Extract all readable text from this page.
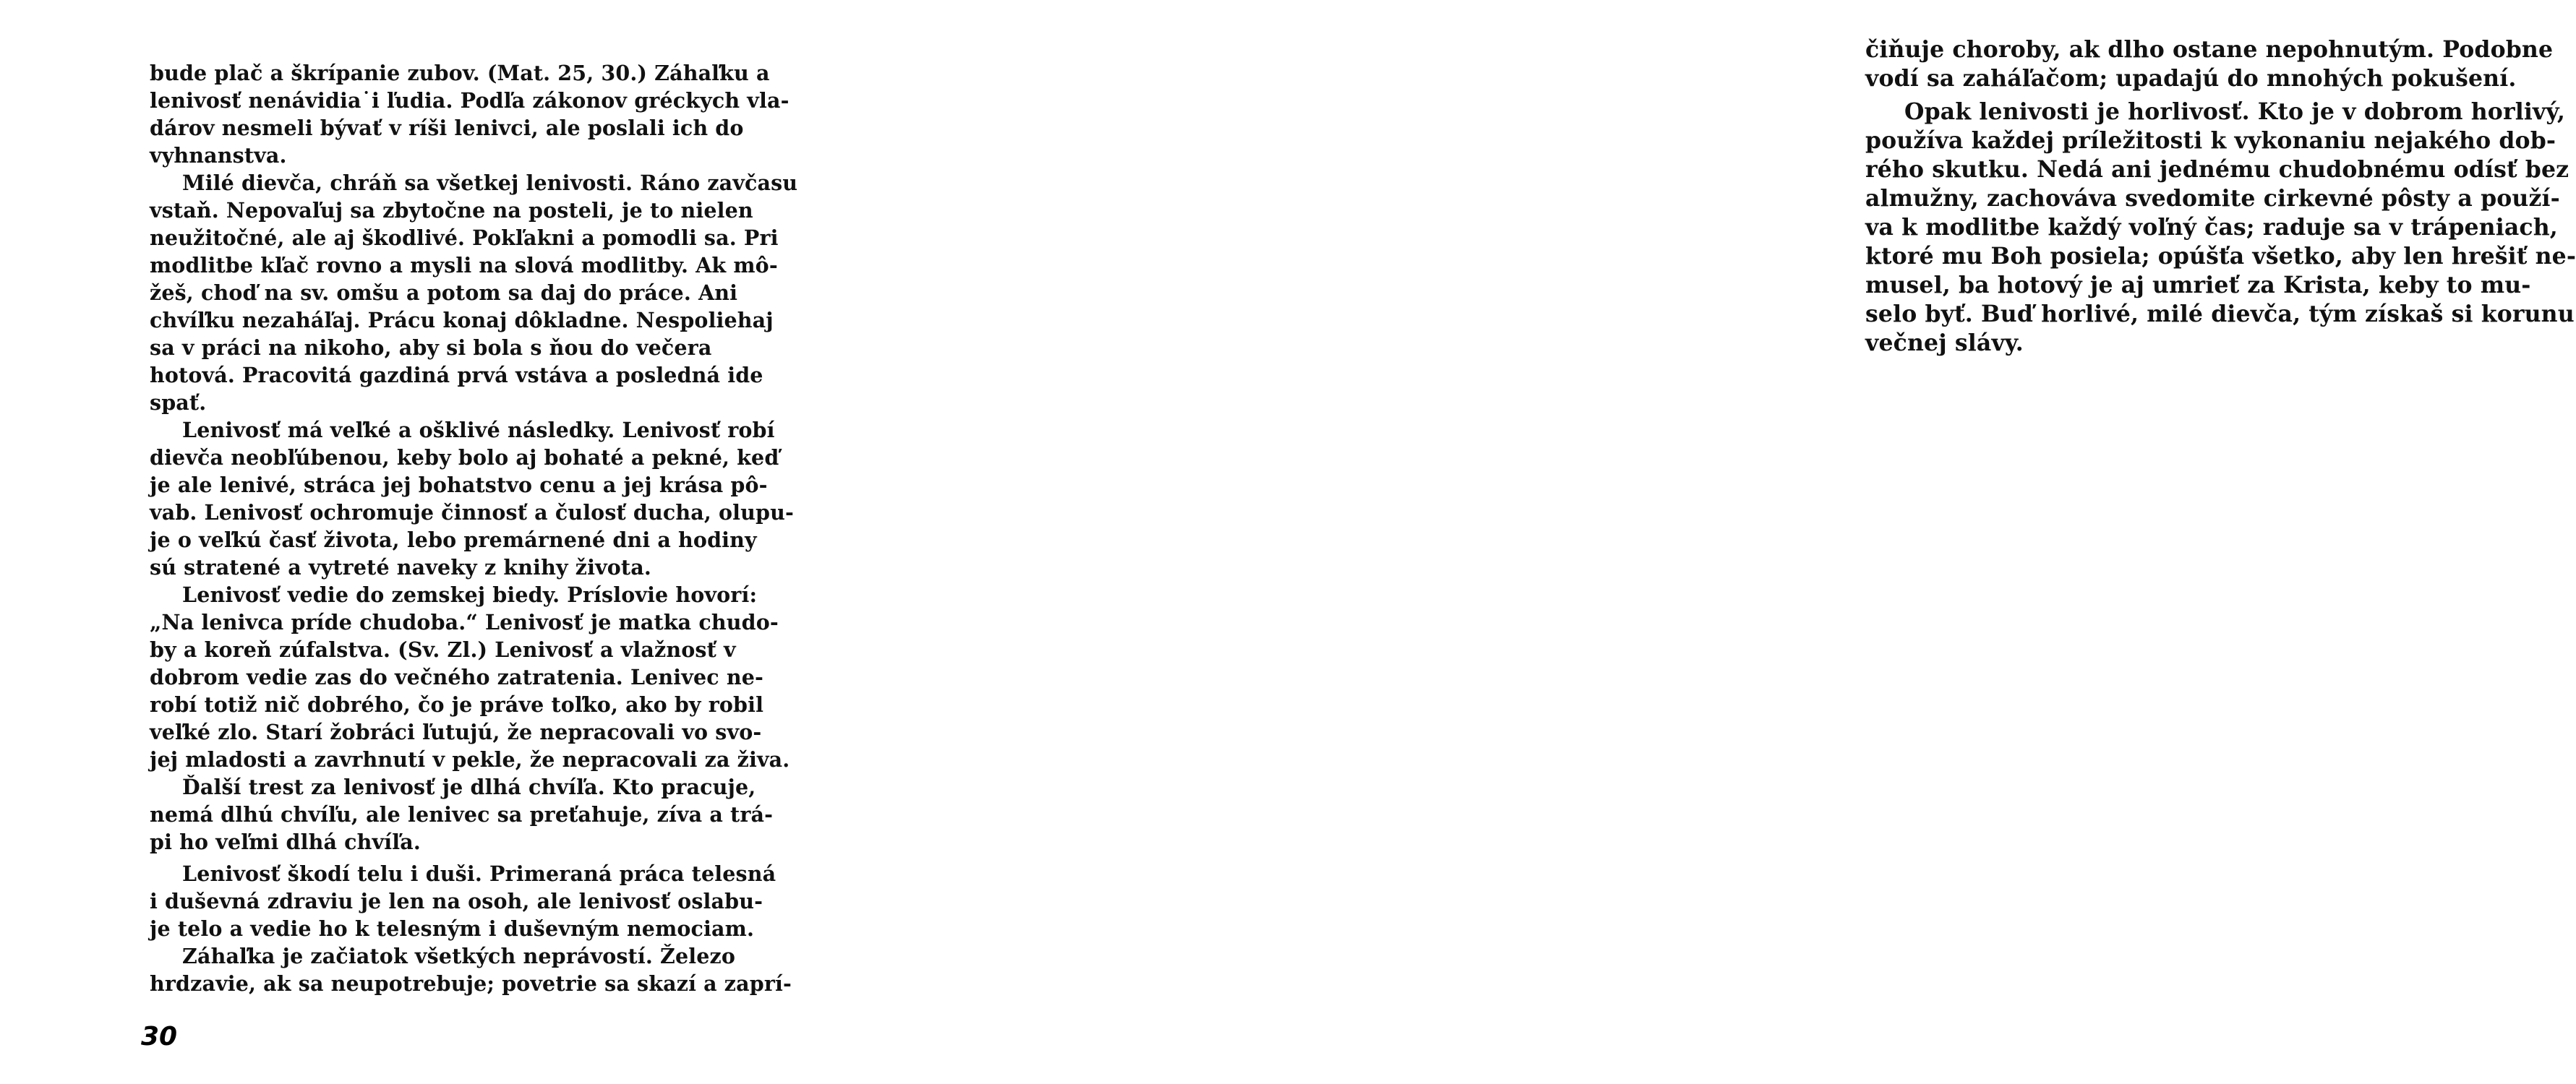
bude plač a škrípanie zubov. (Mat. 25, 30.) Záhaľku a
lenivosť nenávidia˙i ľudia. Podľa zákonov gréckych vla-
dárov nesmeli bývať v ríši lenivci, ale poslali ich do
vyhnanstva.
Milé dievča, chráň sa všetkej lenivosti. Ráno zavčasu
vstaň. Nepovaľuj sa zbytočne na posteli, je to nielen
neužitočné, ale aj škodlivé. Pokľakni a pomodli sa. Pri
modlitbe kľač rovno a mysli na slová modlitby. Ak mô-
žeš, choď na sv. omšu a potom sa daj do práce. Ani
chvíľku nezaháľaj. Prácu konaj dôkladne. Nespoliehaj
sa v práci na nikoho, aby si bola s ňou do večera
hotová. Pracovitá gazdiná prvá vstáva a posledná ide
spať.
Lenivosť má veľké a ošklivé následky. Lenivosť robí
dievča neobľúbenou, keby bolo aj bohaté a pekné, keď
je ale lenivé, stráca jej bohatstvo cenu a jej krása pô-
vab. Lenivosť ochromuje činnosť a čulosť ducha, olupu-
je o veľkú časť života, lebo premárnené dni a hodiny
sú stratené a vytreté naveky z knihy života.
Lenivosť vedie do zemskej biedy. Príslovie hovorí:
„Na lenivca príde chudoba.“ Lenivosť je matka chudo-
by a koreň zúfalstva. (Sv. Zl.) Lenivosť a vlažnosť v
dobrom vedie zas do večného zatratenia. Lenivec ne-
robí totiž nič dobrého, čo je práve toľko, ako by robil
veľké zlo. Starí žobráci ľutujú, že nepracovali vo svo-
jej mladosti a zavrhnutí v pekle, že nepracovali za živa.
Ďalší trest za lenivosť je dlhá chvíľa. Kto pracuje,
nemá dlhú chvíľu, ale lenivec sa preťahuje, zíva a trá-
pi ho veľmi dlhá chvíľa.
Lenivosť škodí telu i duši. Primeraná práca telesná
i duševná zdraviu je len na osoh, ale lenivosť oslabu-
je telo a vedie ho k telesným i duševným nemociam.
Záhaľka je začiatok všetkých neprávostí. Železo
hrdzavie, ak sa neupotrebuje; povetrie sa skazí a zaprí-
30
čiňuje choroby, ak dlho ostane nepohnutým. Podobne
vodí sa zaháľačom; upadajú do mnohých pokušení.
Opak lenivosti je horlivosť. Kto je v dobrom horlivý,
používa každej príležitosti k vykonaniu nejakého dob-
rého skutku. Nedá ani jednému chudobnému odísť bez
almužny, zachováva svedomite cirkevné pôsty a použí-
va k modlitbe každý voľný čas; raduje sa v trápeniach,
ktoré mu Boh posiela; opúšťa všetko, aby len hrešiť ne-
musel, ba hotový je aj umrieť za Krista, keby to mu-
selo byť. Buď horlivé, milé dievča, tým získaš si korunu
večnej slávy.
